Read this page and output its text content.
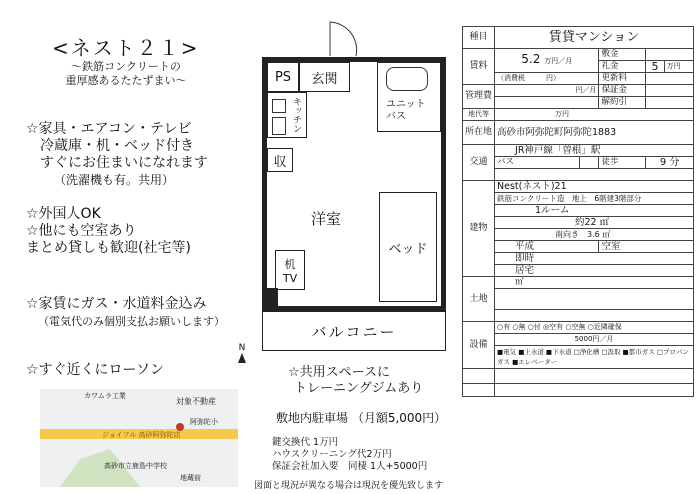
<ネスト２１>
～鉄筋コンクリートの
重厚感あるたたずまい～
☆家具・エアコン・テレビ
冷蔵庫・机・ベッド付き
すぐにお住まいになれます
（洗濯機も有。共用）
☆外国人OK
☆他にも空室あり
まとめ貸しも歓迎(社宅等)
☆家賃にガス・水道料金込み
（電気代のみ個別支払お願いします）
☆すぐ近くにローソン
カワムラ工業
対象不動産
ジョイフル 高砂阿弥陀店
阿弥陀小
高砂市立鹿島中学校
地蔵前
PS	玄関
ユニットバス
キッチン
収
洋室
ベッド
机 TV
バルコニー
N
☆共用スペースに
トレーニングジムあり
敷地内駐車場 （月額5,000円）
鍵交換代 1万円
ハウスクリーニング代2万円
保証会社加入要　同棲 1人+5000円
図面と現況が異なる場合は現況を優先致します
種目	賃貸マンション				
賃料	5.2 万円／月		敷金		
			礼金	5	万円
	（消費税　　　円）		更新料		
管理費	円／月		保証金		
			解約引		
地代等	万円				
所在地	高砂市阿弥陀町阿弥陀1883				
交通	JR神戸線「曽根」駅				
	バス		徒歩	9 分	

建物	Nest(ネスト)21				
	鉄筋コンクリート造　地上　6階建3階部分				
	1ルーム				
	約22 ㎡				
	南向き　3.6 ㎡				
	平成		空室		
	即時				
	居宅				
土地	㎡				

設備	○有 ○無 ○付 ◎空有 ○空無 ○近隣確保				
	5000円／月				
	■電気 ■上水道 ■下水道 □浄化槽 □汲取 ■都市ガス □プロパンガス ■エレベーター				
